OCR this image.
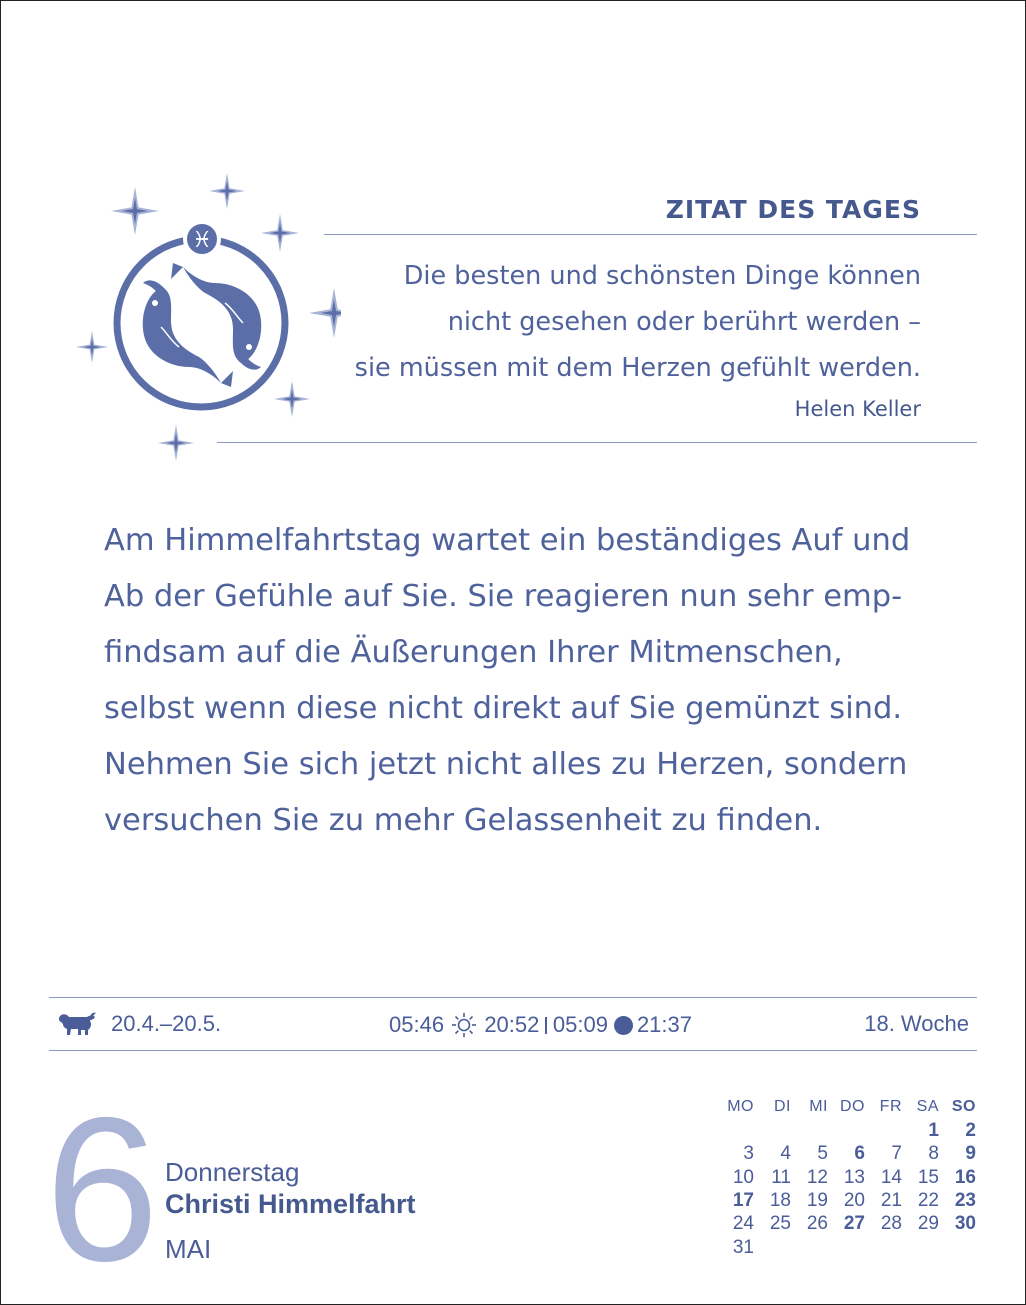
♓
ZITAT DES TAGES
Die besten und schönsten Dinge können
nicht gesehen oder berührt werden –
sie müssen mit dem Herzen gefühlt werden.
Helen Keller

Am Himmelfahrtstag wartet ein beständiges Auf und

Ab der Gefühle auf Sie. Sie reagieren nun sehr emp-

findsam auf die Äußerungen Ihrer Mitmenschen,

selbst wenn diese nicht direkt auf Sie gemünzt sind.

Nehmen Sie sich jetzt nicht alles zu Herzen, sondern

versuchen Sie zu mehr Gelassenheit zu finden.

20.4.–20.5.	05:46 20:52 05:09 21:37	18. Woche
6 Donnerstag
Christi Himmelfahrt
MAI
MO	DI	MI	DO	FR	SA	SO
					1	2
3	4	5	6	7	8	9
10	11	12	13	14	15	16
17	18	19	20	21	22	23
24	25	26	27	28	29	30
31						
